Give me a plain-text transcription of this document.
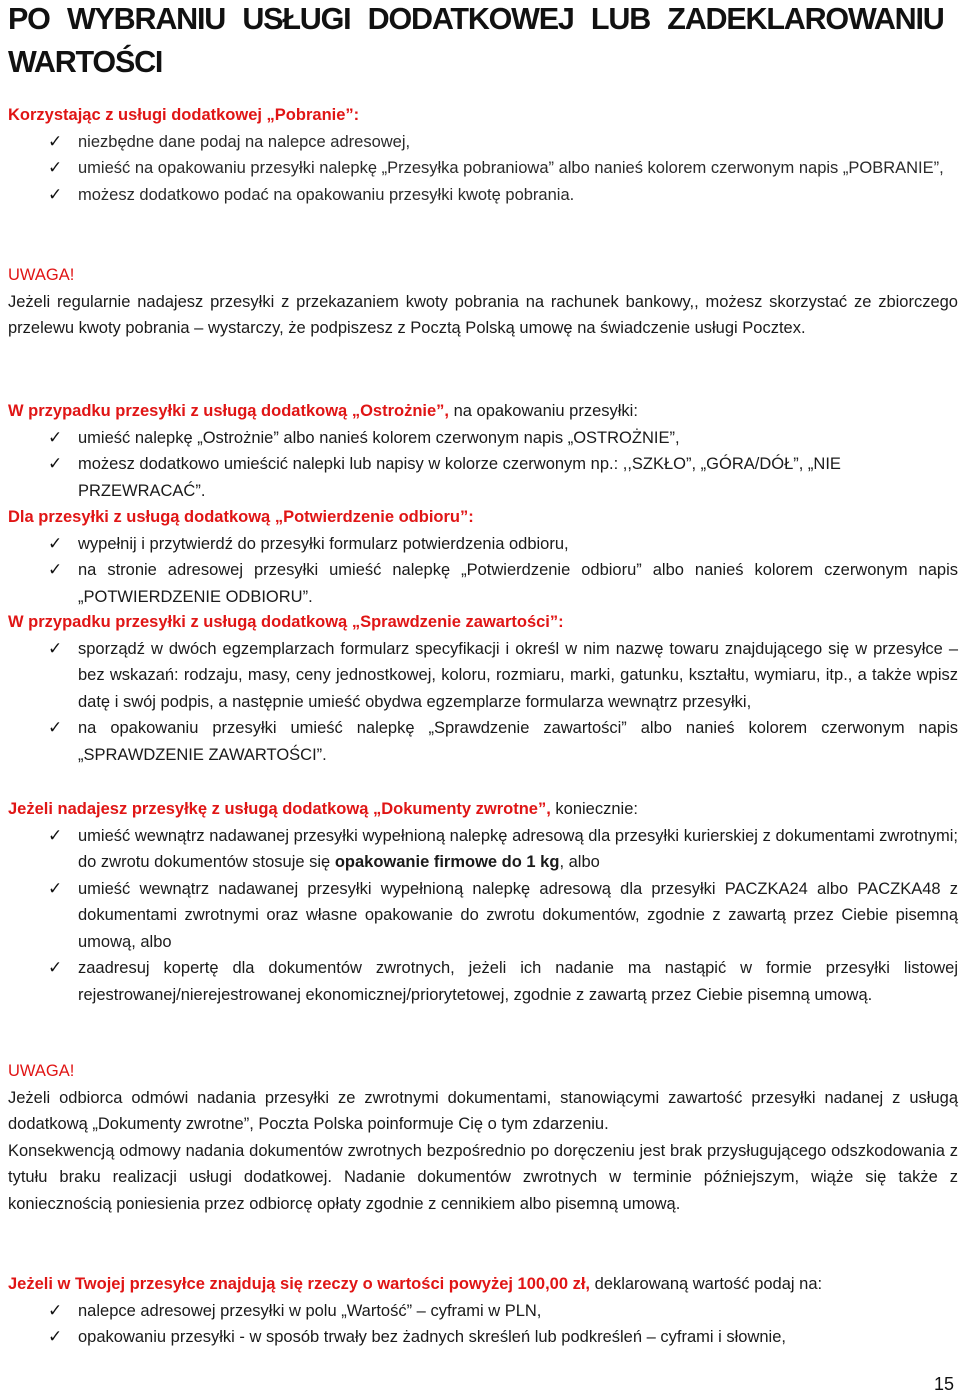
PO WYBRANIU USŁUGI DODATKOWEJ LUB ZADEKLAROWANIU WARTOŚCI

Korzystając z usługi dodatkowej „Pobranie”:

✓ niezbędne dane podaj na nalepce adresowej,
✓ umieść na opakowaniu przesyłki nalepkę „Przesyłka pobraniowa” albo nanieś kolorem czerwonym napis „POBRANIE”,
✓ możesz dodatkowo podać na opakowaniu przesyłki kwotę pobrania.

UWAGA!

Jeżeli regularnie nadajesz przesyłki z przekazaniem kwoty pobrania na rachunek bankowy,, możesz skorzystać ze zbiorczego przelewu kwoty pobrania – wystarczy, że podpiszesz z Pocztą Polską umowę na świadczenie usługi Pocztex.

W przypadku przesyłki z usługą dodatkową „Ostrożnie”, na opakowaniu przesyłki:

✓ umieść nalepkę „Ostrożnie” albo nanieś kolorem czerwonym napis „OSTROŻNIE”,
✓ możesz dodatkowo umieścić nalepki lub napisy w kolorze czerwonym np.: ,,SZKŁO”, „GÓRA/DÓŁ”, „NIE PRZEWRACAĆ”.

Dla przesyłki z usługą dodatkową „Potwierdzenie odbioru”:

✓ wypełnij i przytwierdź do przesyłki formularz potwierdzenia odbioru,
✓ na stronie adresowej przesyłki umieść nalepkę „Potwierdzenie odbioru” albo nanieś kolorem czerwonym napis „POTWIERDZENIE ODBIORU”.

W przypadku przesyłki z usługą dodatkową „Sprawdzenie zawartości”:

✓ sporządź w dwóch egzemplarzach formularz specyfikacji i określ w nim nazwę towaru znajdującego się w przesyłce – bez wskazań: rodzaju, masy, ceny jednostkowej, koloru, rozmiaru, marki, gatunku, kształtu, wymiaru, itp., a także wpisz datę i swój podpis, a następnie umieść obydwa egzemplarze formularza wewnątrz przesyłki,
✓ na opakowaniu przesyłki umieść nalepkę „Sprawdzenie zawartości” albo nanieś kolorem czerwonym napis „SPRAWDZENIE ZAWARTOŚCI”.

Jeżeli nadajesz przesyłkę z usługą dodatkową „Dokumenty zwrotne”, koniecznie:

✓ umieść wewnątrz nadawanej przesyłki wypełnioną nalepkę adresową dla przesyłki kurierskiej z dokumentami zwrotnymi; do zwrotu dokumentów stosuje się opakowanie firmowe do 1 kg, albo
✓ umieść wewnątrz nadawanej przesyłki wypełnioną nalepkę adresową dla przesyłki PACZKA24 albo PACZKA48 z dokumentami zwrotnymi oraz własne opakowanie do zwrotu dokumentów, zgodnie z zawartą przez Ciebie pisemną umową, albo
✓ zaadresuj kopertę dla dokumentów zwrotnych, jeżeli ich nadanie ma nastąpić w formie przesyłki listowej rejestrowanej/nierejestrowanej ekonomicznej/priorytetowej, zgodnie z zawartą przez Ciebie pisemną umową.

UWAGA!

Jeżeli odbiorca odmówi nadania przesyłki ze zwrotnymi dokumentami, stanowiącymi zawartość przesyłki nadanej z usługą dodatkową „Dokumenty zwrotne”, Poczta Polska poinformuje Cię o tym zdarzeniu.

Konsekwencją odmowy nadania dokumentów zwrotnych bezpośrednio po doręczeniu jest brak przysługującego odszkodowania z tytułu braku realizacji usługi dodatkowej. Nadanie dokumentów zwrotnych w terminie późniejszym, wiąże się także z koniecznością poniesienia przez odbiorcę opłaty zgodnie z cennikiem albo pisemną umową.

Jeżeli w Twojej przesyłce znajdują się rzeczy o wartości powyżej 100,00 zł, deklarowaną wartość podaj na:

✓ nalepce adresowej przesyłki w polu „Wartość” – cyframi w PLN,
✓ opakowaniu przesyłki - w sposób trwały bez żadnych skreśleń lub podkreśleń – cyframi i słownie,
15
